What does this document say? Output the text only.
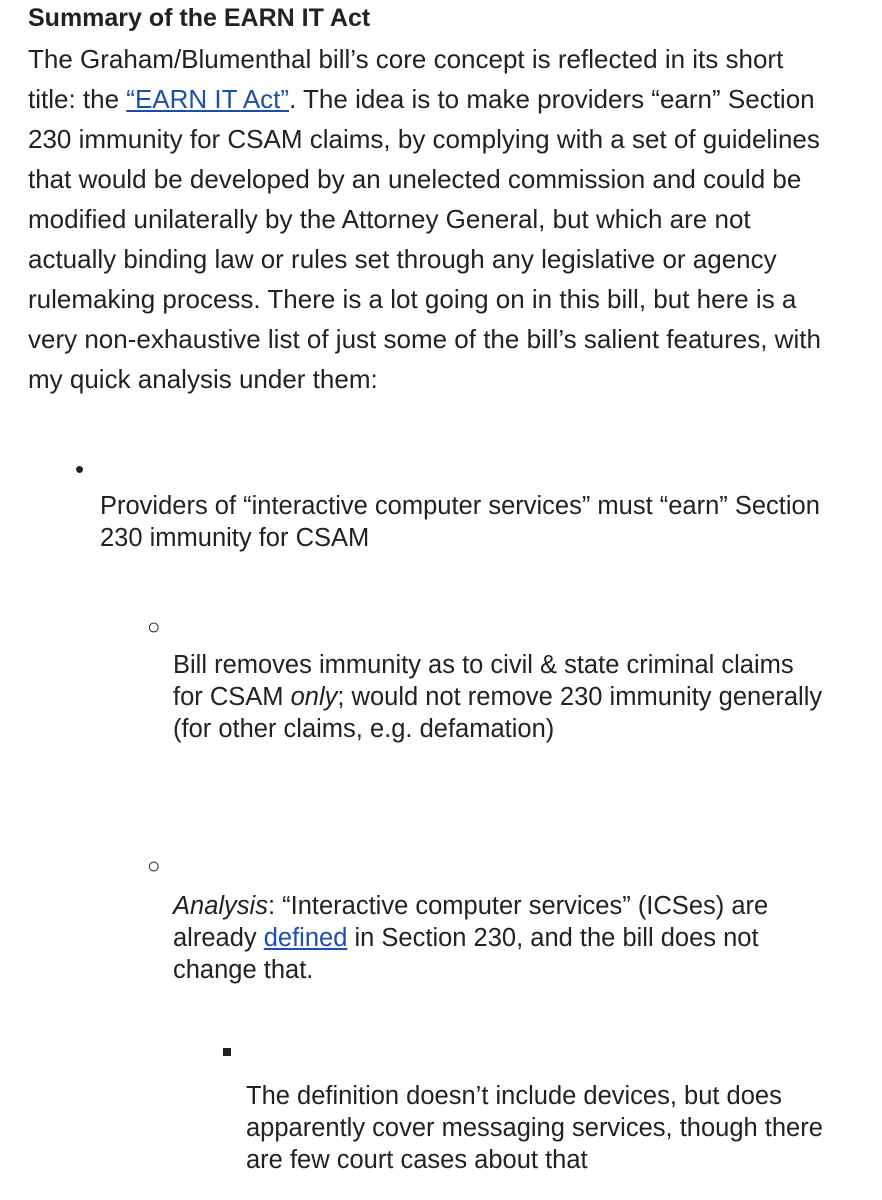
Summary of the EARN IT Act
The Graham/Blumenthal bill’s core concept is reflected in its short
title: the “EARN IT Act”. The idea is to make providers “earn” Section
230 immunity for CSAM claims, by complying with a set of guidelines
that would be developed by an unelected commission and could be
modified unilaterally by the Attorney General, but which are not
actually binding law or rules set through any legislative or agency
rulemaking process. There is a lot going on in this bill, but here is a
very non-exhaustive list of just some of the bill’s salient features, with
my quick analysis under them:
•
Providers of “interactive computer services” must “earn” Section
230 immunity for CSAM
○
Bill removes immunity as to civil & state criminal claims
for CSAM only; would not remove 230 immunity generally
(for other claims, e.g. defamation)
○
Analysis: “Interactive computer services” (ICSes) are
already defined in Section 230, and the bill does not
change that.
The definition doesn’t include devices, but does
apparently cover messaging services, though there
are few court cases about that
